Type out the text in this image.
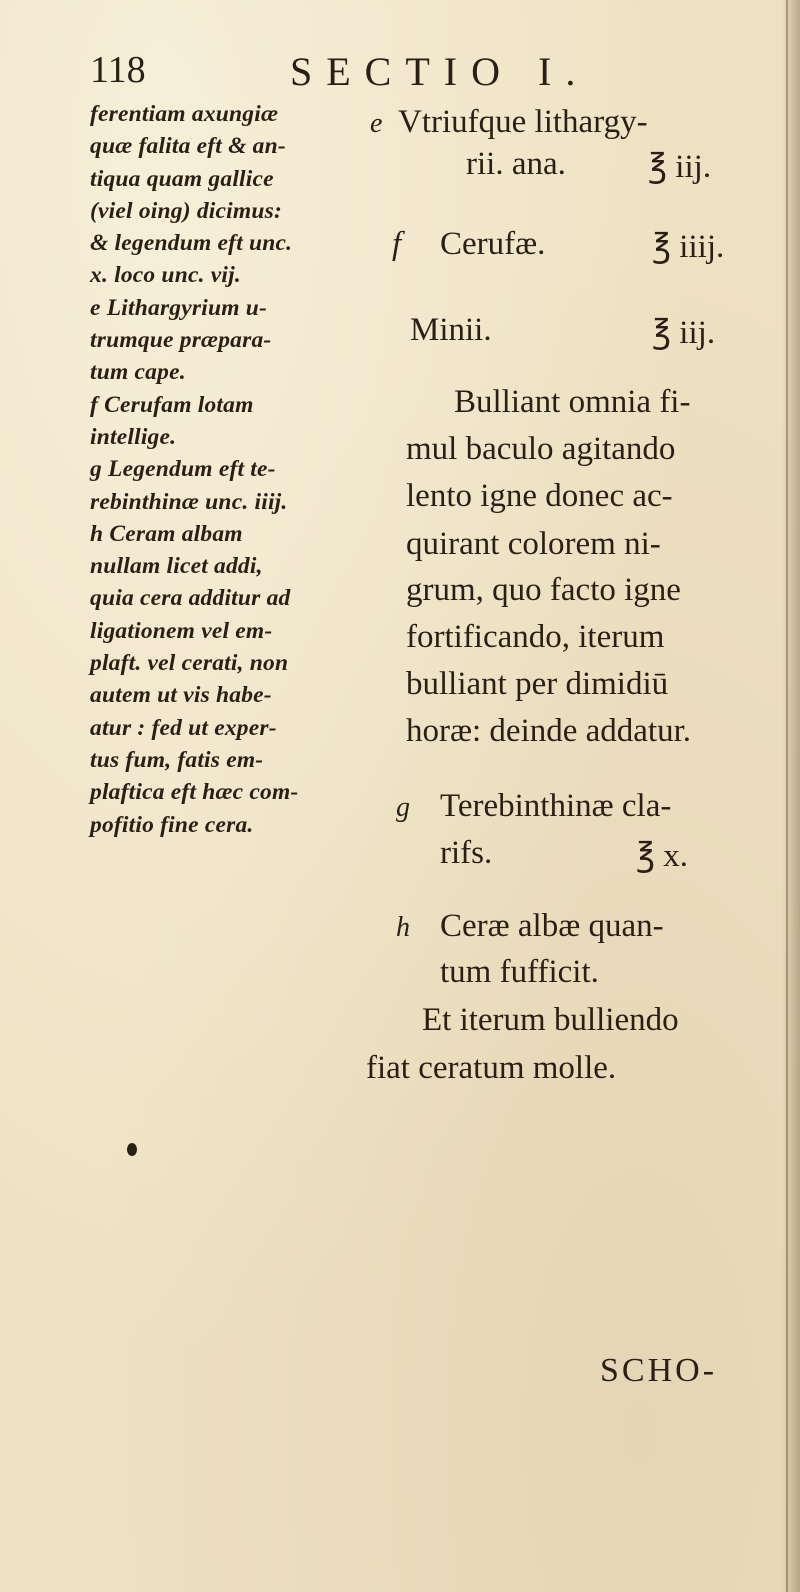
118	SECTIO I.
ferentiam axungiæ
quæ falita eft & an-
tiqua quam gallice
(viel oing) dicimus:
& legendum eft unc.
x. loco unc. vij.
e Lithargyrium u-
trumque præpara-
tum cape.
f Cerufam lotam
intellige.
g Legendum eft te-
rebinthinæ unc. iiij.
h Ceram albam
nullam licet addi,
quia cera additur ad
ligationem vel em-
plaft. vel cerati, non
autem ut vis habe-
atur : fed ut exper-
tus fum, fatis em-
plaftica eft hæc com-
pofitio fine cera.
e Vtriufque lithargy-
rii. ana. ℥ iij.
f Cerufæ.	℥ iiij.
Minii.	℥ iij.
Bulliant omnia fi-
mul baculo agitando
lento igne donec ac-
quirant colorem ni-
grum, quo facto igne
fortificando, iterum
bulliant per dimidiū
horæ: deinde addatur.
g Terebinthinæ cla-
rifs.	℥ x.
h Ceræ albæ quan-
tum fufficit.
Et iterum bulliendo
fiat ceratum molle.
SCHO-
